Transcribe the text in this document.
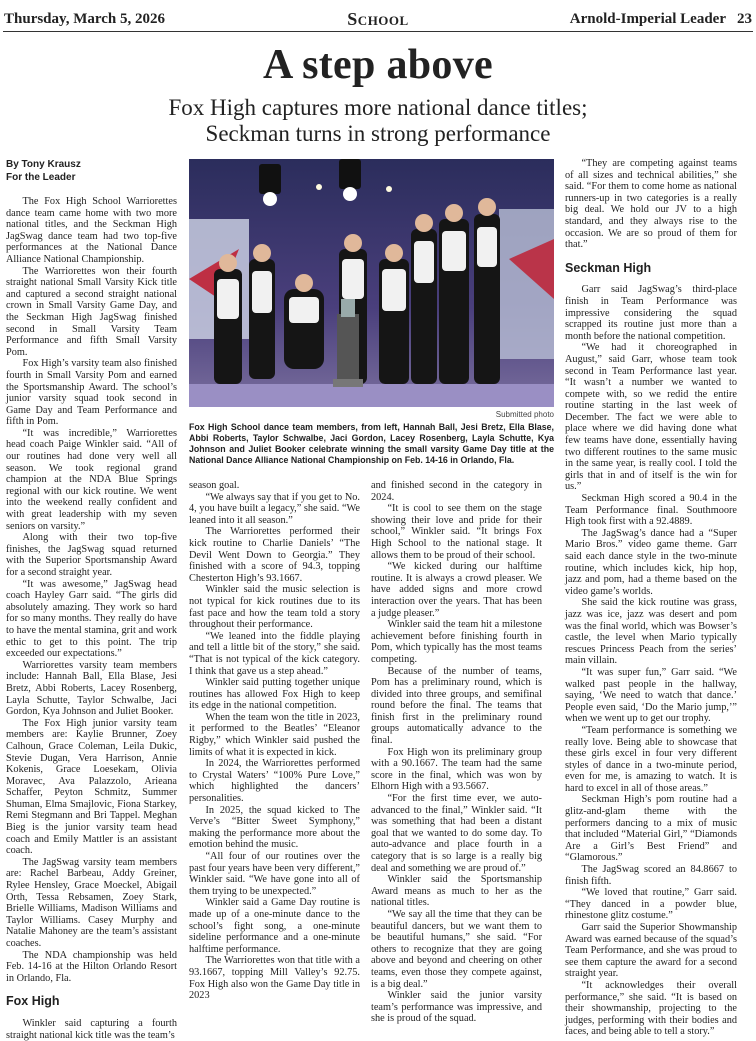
Thursday, March 5, 2026	School	Arnold-Imperial Leader 23
A step above
Fox High captures more national dance titles;
Seckman turns in strong performance
By Tony Krausz
For the Leader

The Fox High School Warriorettes dance team came home with two more national titles, and the Seckman High JagSwag dance team had two top-five performances at the National Dance Alliance National Championship.

The Warriorettes won their fourth straight national Small Varsity Kick title and captured a second straight national crown in Small Varsity Game Day, and the Seckman High JagSwag finished second in Small Varsity Team Performance and fifth Small Varsity Pom.

Fox High’s varsity team also finished fourth in Small Varsity Pom and earned the Sportsmanship Award. The school’s junior varsity squad took second in Game Day and Team Performance and fifth in Pom.

“It was incredible,” Warriorettes head coach Paige Winkler said. “All of our routines had done very well all season. We took regional grand champion at the NDA Blue Springs regional with our kick routine. We went into the weekend really confident and with great leadership with my seven seniors on varsity.”

Along with their two top-five finishes, the JagSwag squad returned with the Superior Sportsmanship Award for a second straight year.

“It was awesome,” JagSwag head coach Hayley Garr said. “The girls did absolutely amazing. They work so hard for so many months. They really do have to have the mental stamina, grit and work ethic to get to this point. The trip exceeded our expectations.”

Warriorettes varsity team members include: Hannah Ball, Ella Blase, Jesi Bretz, Abbi Roberts, Lacey Rosenberg, Layla Schutte, Taylor Schwalbe, Jaci Gordon, Kya Johnson and Juliet Booker.

The Fox High junior varsity team members are: Kaylie Brunner, Zoey Calhoun, Grace Coleman, Leila Dukic, Stevie Dugan, Vera Harrison, Annie Kokenis, Grace Loesekam, Olivia Moravec, Ava Palazzolo, Arieana Schaffer, Peyton Schmitz, Summer Shuman, Elma Smajlovic, Fiona Starkey, Remi Stegmann and Bri Tappel. Meghan Bieg is the junior varsity team head coach and Emily Mattler is an assistant coach.

The JagSwag varsity team members are: Rachel Barbeau, Addy Greiner, Rylee Hensley, Grace Moeckel, Abigail Orth, Tessa Rebsamen, Zoey Stark, Brielle Williams, Madison Williams and Taylor Williams. Casey Murphy and Natalie Mahoney are the team’s assistant coaches.

The NDA championship was held Feb. 14-16 at the Hilton Orlando Resort in Orlando, Fla.

Fox High

Winkler said capturing a fourth straight national kick title was the team’s

Submitted photo
Fox High School dance team members, from left, Hannah Ball, Jesi Bretz, Ella Blase, Abbi Roberts, Taylor Schwalbe, Jaci Gordon, Lacey Rosenberg, Layla Schutte, Kya Johnson and Juliet Booker celebrate winning the small varsity Game Day title at the National Dance Alliance National Championship on Feb. 14-16 in Orlando, Fla.

season goal.

“We always say that if you get to No. 4, you have built a legacy,” she said. “We leaned into it all season.”

The Warriorettes performed their kick routine to Charlie Daniels’ “The Devil Went Down to Georgia.” They finished with a score of 94.3, topping Chesterton High’s 93.1667.

Winkler said the music selection is not typical for kick routines due to its fast pace and how the team told a story throughout their performance.

“We leaned into the fiddle playing and tell a little bit of the story,” she said. “That is not typical of the kick category. I think that gave us a step ahead.”

Winkler said putting together unique routines has allowed Fox High to keep its edge in the national competition.

When the team won the title in 2023, it performed to the Beatles’ “Eleanor Rigby,” which Winkler said pushed the limits of what it is expected in kick.

In 2024, the Warriorettes performed to Crystal Waters’ “100% Pure Love,” which highlighted the dancers’ personalities.

In 2025, the squad kicked to The Verve’s “Bitter Sweet Symphony,” making the performance more about the emotion behind the music.

“All four of our routines over the past four years have been very different,” Winkler said. “We have gone into all of them trying to be unexpected.”

Winkler said a Game Day routine is made up of a one-minute dance to the school’s fight song, a one-minute sideline performance and a one-minute halftime performance.

The Warriorettes won that title with a 93.1667, topping Mill Valley’s 92.75. Fox High also won the Game Day title in 2023

and finished second in the category in 2024.

“It is cool to see them on the stage showing their love and pride for their school,” Winkler said. “It brings Fox High School to the national stage. It allows them to be proud of their school.

“We kicked during our halftime routine. It is always a crowd pleaser. We have added signs and more crowd interaction over the years. That has been a judge pleaser.”

Winkler said the team hit a milestone achievement before finishing fourth in Pom, which typically has the most teams competing.

Because of the number of teams, Pom has a preliminary round, which is divided into three groups, and semifinal round before the final. The teams that finish first in the preliminary round groups automatically advance to the final.

Fox High won its preliminary group with a 90.1667. The team had the same score in the final, which was won by Elhorn High with a 93.5667.

“For the first time ever, we auto-advanced to the final,” Winkler said. “It was something that had been a distant goal that we wanted to do some day. To auto-advance and place fourth in a category that is so large is a really big deal and something we are proud of.”

Winkler said the Sportsmanship Award means as much to her as the national titles.

“We say all the time that they can be beautiful dancers, but we want them to be beautiful humans,” she said. “For others to recognize that they are going above and beyond and cheering on other teams, even those they compete against, is a big deal.”

Winkler said the junior varsity team’s performance was impressive, and she is proud of the squad.

“They are competing against teams of all sizes and technical abilities,” she said. “For them to come home as national runners-up in two categories is a really big deal. We hold our JV to a high standard, and they always rise to the occasion. We are so proud of them for that.”

Seckman High

Garr said JagSwag’s third-place finish in Team Performance was impressive considering the squad scrapped its routine just more than a month before the national competition.

“We had it choreographed in August,” said Garr, whose team took second in Team Performance last year. “It wasn’t a number we wanted to compete with, so we redid the entire routine starting in the last week of December. The fact we were able to place where we did having done what few teams have done, essentially having two different routines to the same music in the same year, is really cool. I told the girls that in and of itself is the win for us.”

Seckman High scored a 90.4 in the Team Performance final. Southmoore High took first with a 92.4889.

The JagSwag’s dance had a “Super Mario Bros.” video game theme. Garr said each dance style in the two-minute routine, which includes kick, hip hop, jazz and pom, had a theme based on the video game’s worlds.

She said the kick routine was grass, jazz was ice, jazz was desert and pom was the final world, which was Bowser’s castle, the level when Mario typically rescues Princess Peach from the series’ main villain.

“It was super fun,” Garr said. “We walked past people in the hallway, saying, ‘We need to watch that dance.’ People even said, ‘Do the Mario jump,’” when we went up to get our trophy.

“Team performance is something we really love. Being able to showcase that these girls excel in four very different styles of dance in a two-minute period, even for me, is amazing to watch. It is hard to excel in all of those areas.”

Seckman High’s pom routine had a glitz-and-glam theme with the performers dancing to a mix of music that included “Material Girl,” “Diamonds Are a Girl’s Best Friend” and “Glamorous.”

The JagSwag scored an 84.8667 to finish fifth.

“We loved that routine,” Garr said. “They danced in a powder blue, rhinestone glitz costume.”

Garr said the Superior Showmanship Award was earned because of the squad’s Team Performance, and she was proud to see them capture the award for a second straight year.

“It acknowledges their overall performance,” she said. “It is based on their showmanship, projecting to the judges, performing with their bodies and faces, and being able to tell a story.”
